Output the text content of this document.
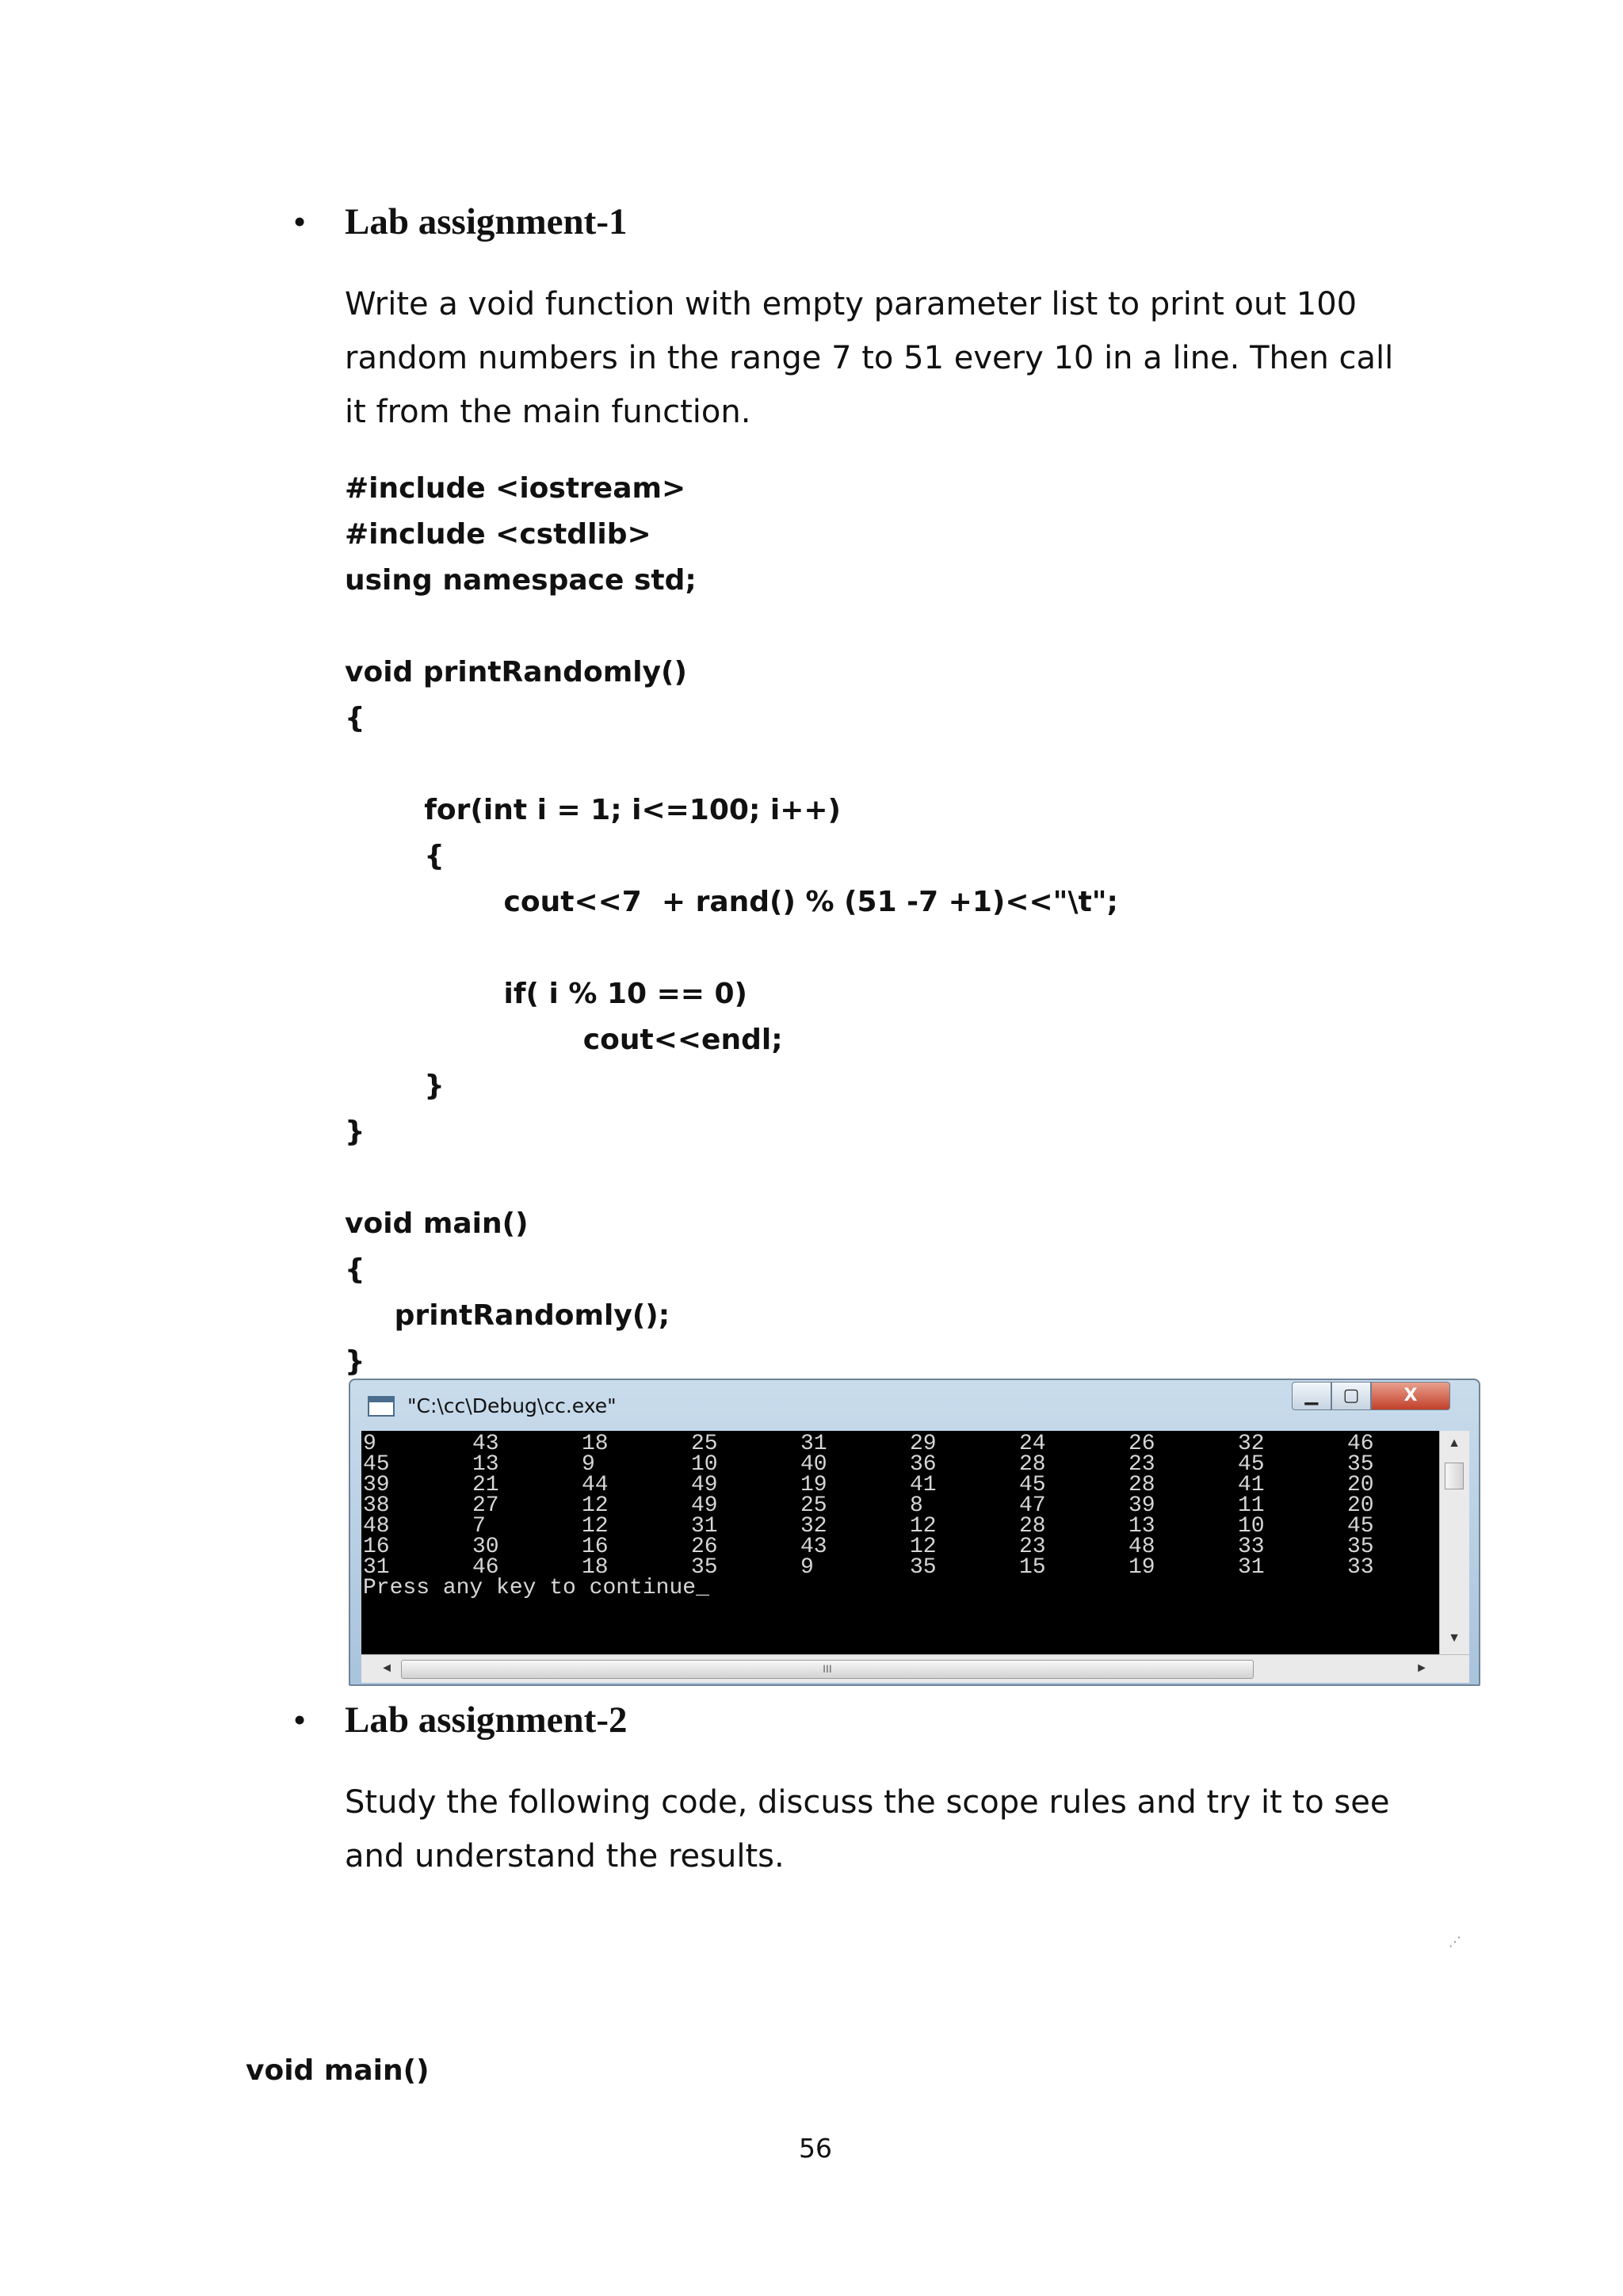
• Lab assignment-1
Write a void function with empty parameter list to print out 100 random numbers in the range 7 to 51 every 10 in a line. Then call it from the main function.
#include <iostream>
#include <cstdlib>
using namespace std;

void printRandomly()
{

		for(int i = 1; i<=100; i++)
		{
				cout<<7  + rand() % (51 -7 +1)<<"\t";

				if( i % 10 == 0)
						cout<<endl;
		}
}

void main()
{
printRandomly();
}
"C:\cc\Debug\cc.exe"	▁	▢	X
9	43	18	25	31	29	24	26	32	46
45	13	9	10	40	36	28	23	45	35
39	21	44	49	19	41	45	28	41	20
38	27	12	49	25	8	47	39	11	20
48	7	12	31	32	12	28	13	10	45
16	30	16	26	43	12	23	48	33	35
31	46	18	35	9	35	15	19	31	33
Press any key to continue_
▲
▼
◄	III	►
⋰
• Lab assignment-2
Study the following code, discuss the scope rules and try it to see and understand the results.
void main()
56
